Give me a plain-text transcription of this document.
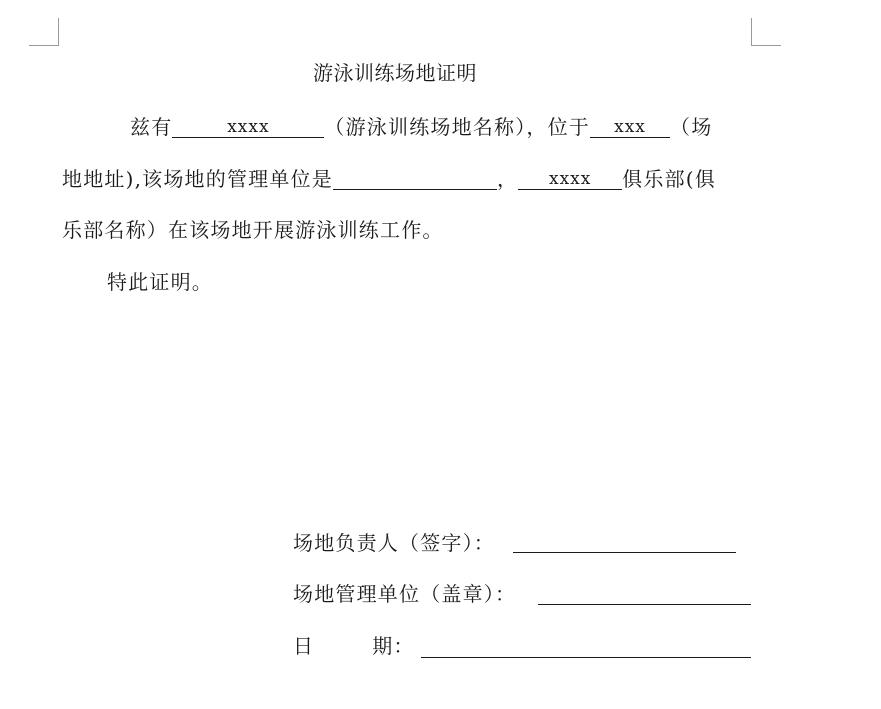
游泳训练场地证明
兹有	xxxx	（游泳训练场地名称），位于 xxx （场
地地址),该场地的管理单位是	， xxxx 俱乐部(俱
乐部名称）在该场地开展游泳训练工作。
特此证明。
场地负责人（签字）：
场地管理单位（盖章）：
日	期：
